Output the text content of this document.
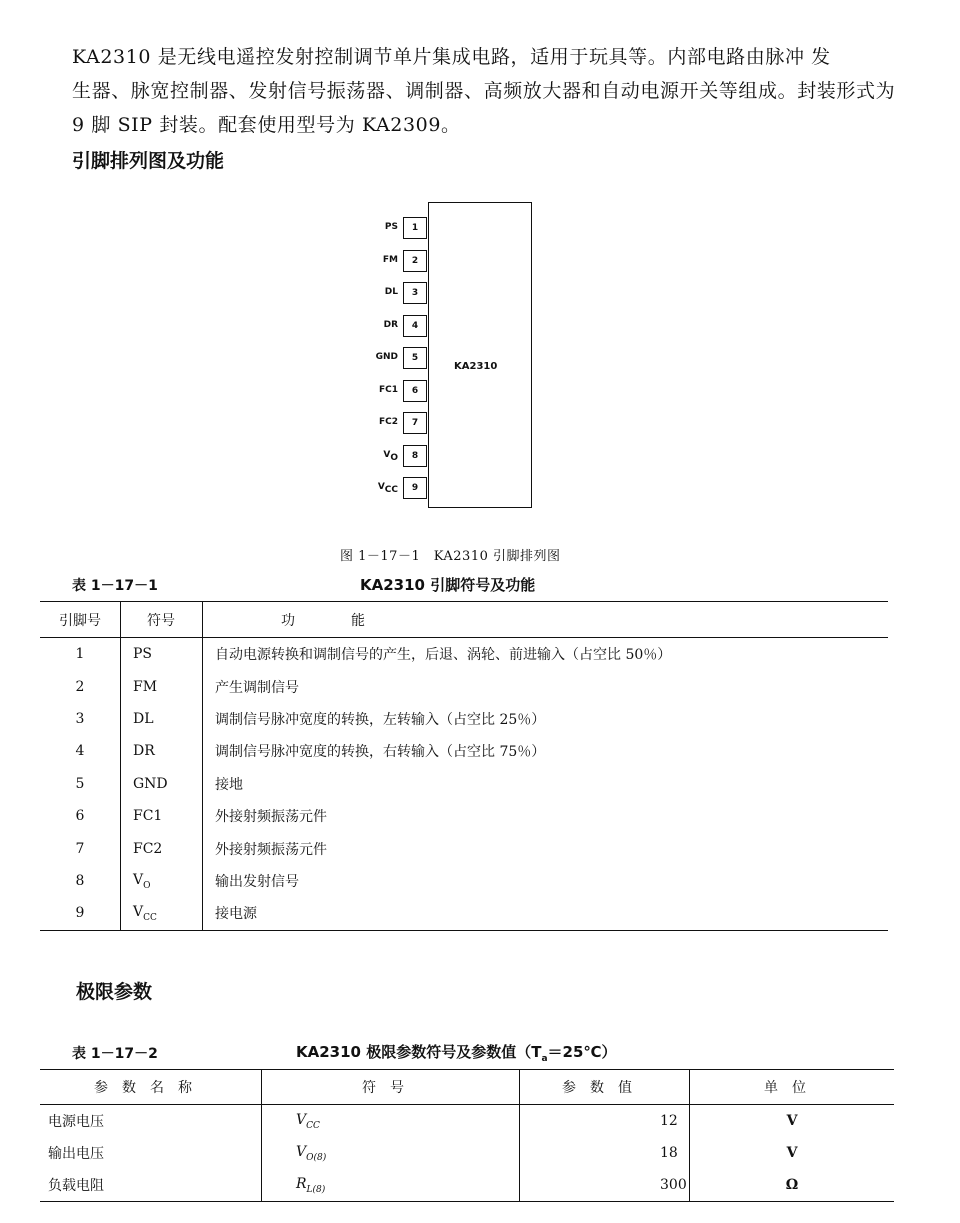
KA2310 是无线电遥控发射控制调节单片集成电路，适用于玩具等。内部电路由脉冲 发
生器、脉宽控制器、发射信号振荡器、调制器、高频放大器和自动电源开关等组成。封装形式为
9 脚 SIP 封装。配套使用型号为 KA2309。
引脚排列图及功能
KA2310
1
PS
2
FM
3
DL
4
DR
5
GND
6
FC1
7
FC2
8
$V_O$
9
$V_{CC}$
图 1－17－1　KA2310 引脚排列图
表 1－17－1	KA2310 引脚符号及功能
引脚号	符号	功能
1	PS	自动电源转换和调制信号的产生，后退、涡轮、前进输入（占空比 50％）
2	FM	产生调制信号
3	DL	调制信号脉冲宽度的转换，左转输入（占空比 25％）
4	DR	调制信号脉冲宽度的转换，右转输入（占空比 75％）
5	GND	接地
6	FC1	外接射频振荡元件
7	FC2	外接射频振荡元件
8	$V_O$	输出发射信号
9	$V_{CC}$	接电源
极限参数
表 1－17－2	KA2310 极限参数符号及参数值$(T_a=25℃)$
参数名称	符号	参数值	单位
电源电压	$V_{CC}$	12	V
输出电压	$V_{O(8)}$	18	V
负载电阻	$R_{L(8)}$	300	Ω
